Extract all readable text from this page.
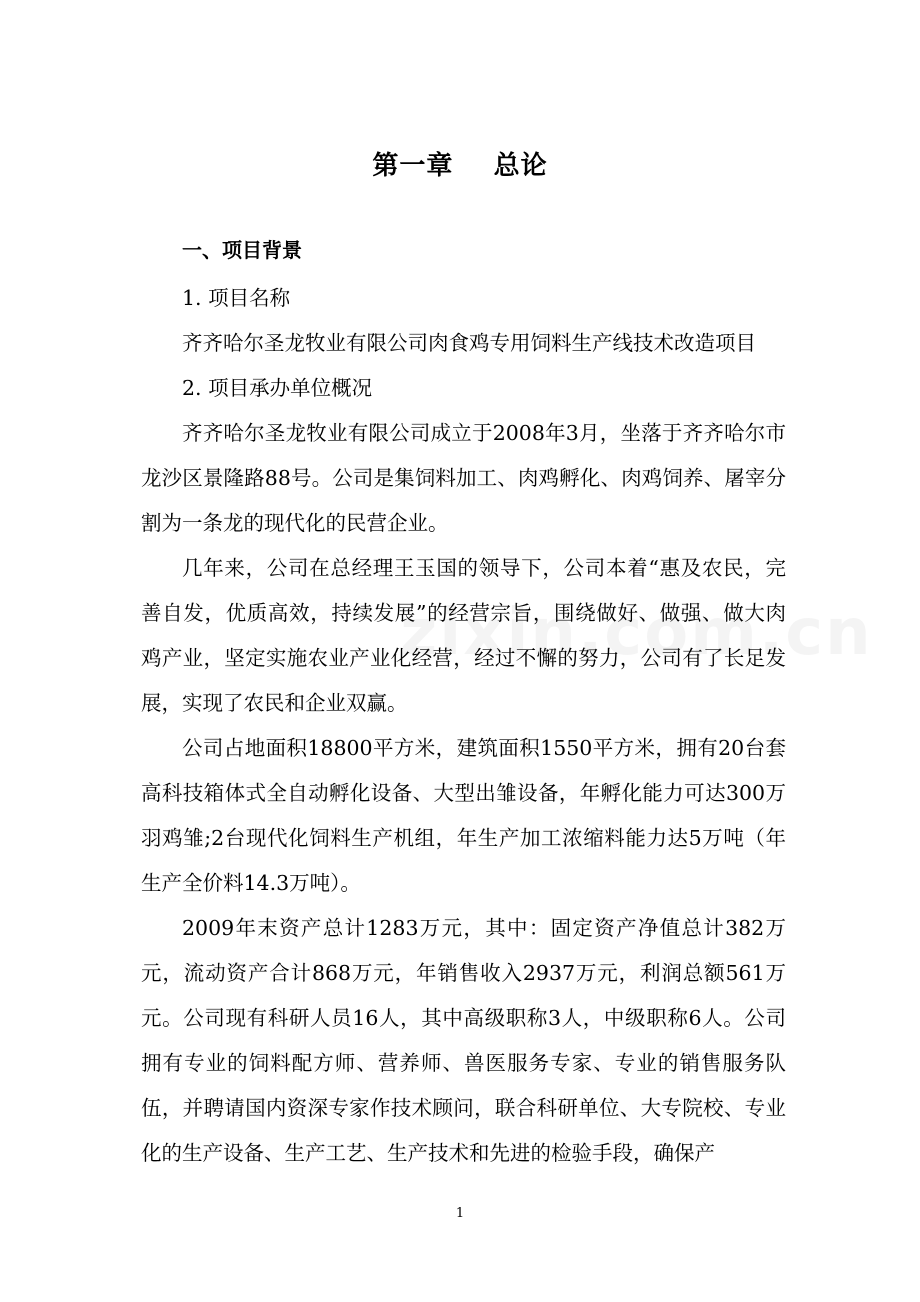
第一章    总论

一、项目背景

1. 项目名称

齐齐哈尔圣龙牧业有限公司肉食鸡专用饲料生产线技术改造项目

2. 项目承办单位概况

齐齐哈尔圣龙牧业有限公司成立于2008年3月，坐落于齐齐哈尔市龙沙区景隆路88号。公司是集饲料加工、肉鸡孵化、肉鸡饲养、屠宰分割为一条龙的现代化的民营企业。

几年来，公司在总经理王玉国的领导下，公司本着“惠及农民，完善自发，优质高效，持续发展”的经营宗旨，围绕做好、做强、做大肉鸡产业，坚定实施农业产业化经营，经过不懈的努力，公司有了长足发展，实现了农民和企业双赢。

公司占地面积18800平方米，建筑面积1550平方米，拥有20台套高科技箱体式全自动孵化设备、大型出雏设备，年孵化能力可达300万羽鸡雏;2台现代化饲料生产机组，年生产加工浓缩料能力达5万吨（年生产全价料14.3万吨）。

2009年末资产总计1283万元，其中：固定资产净值总计382万元，流动资产合计868万元，年销售收入2937万元，利润总额561万元。公司现有科研人员16人，其中高级职称3人，中级职称6人。公司拥有专业的饲料配方师、营养师、兽医服务专家、专业的销售服务队伍，并聘请国内资深专家作技术顾问，联合科研单位、大专院校、专业化的生产设备、生产工艺、生产技术和先进的检验手段，确保产

1
